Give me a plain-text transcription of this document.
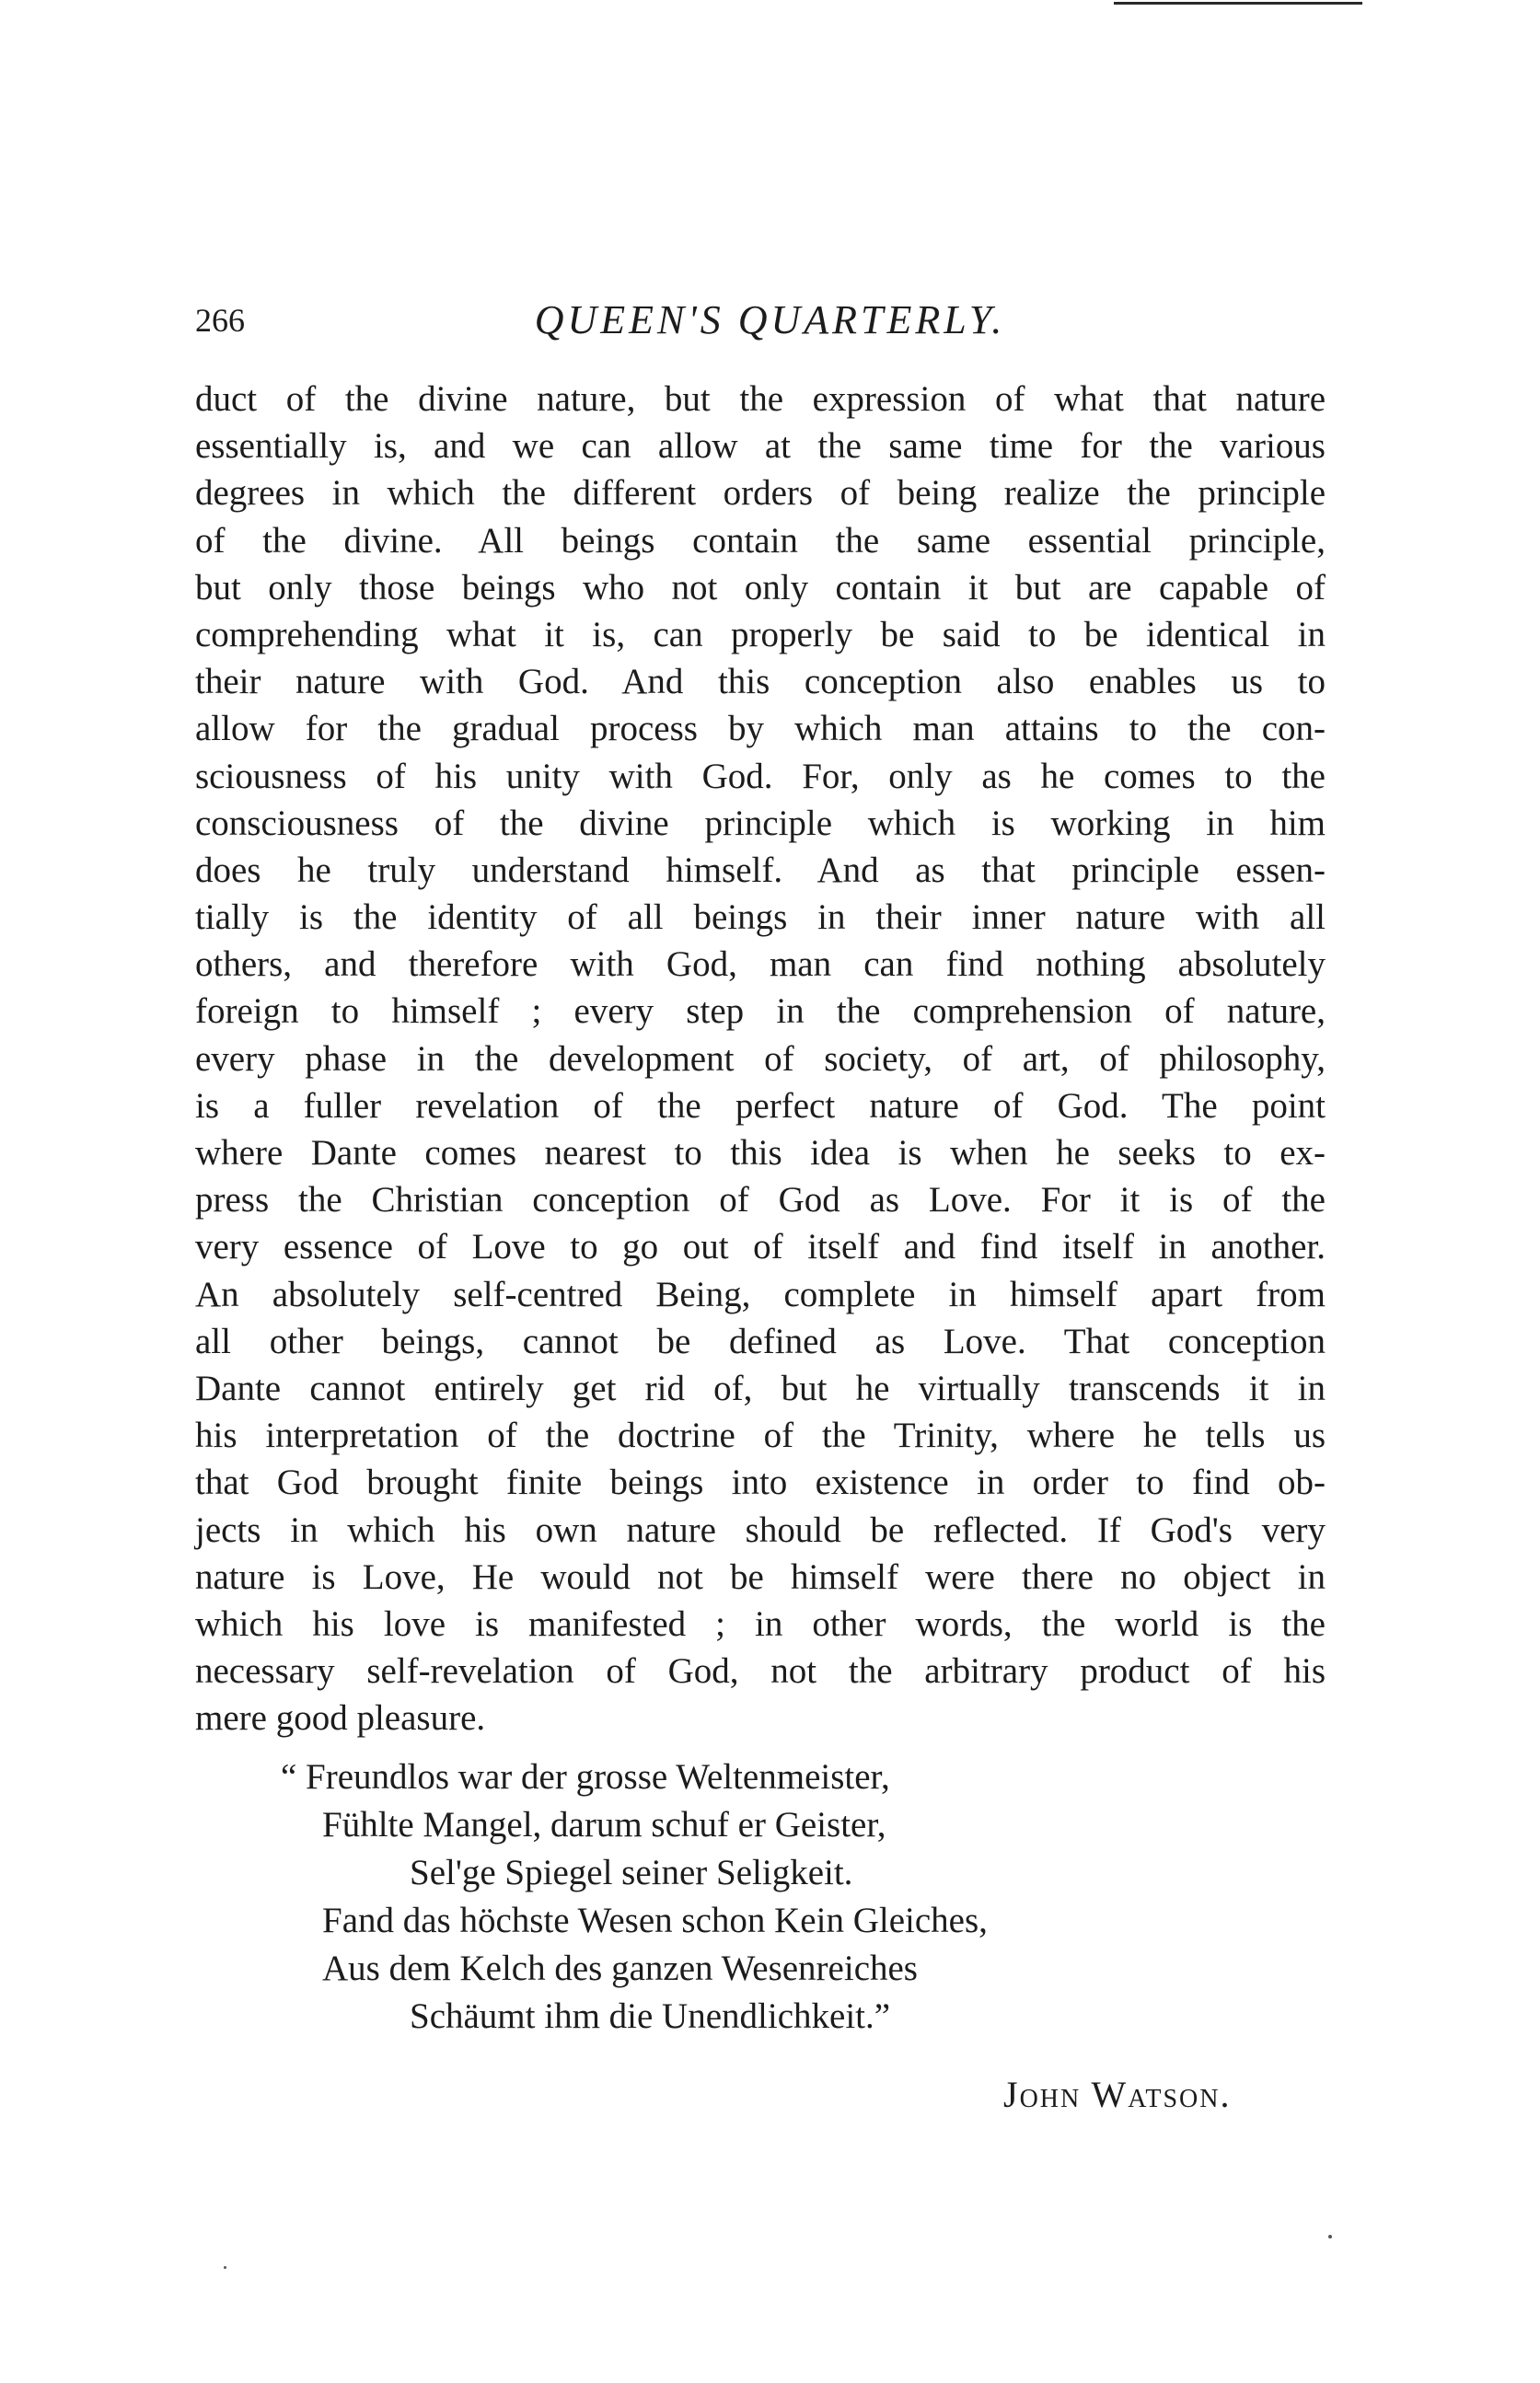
266	QUEEN'S QUARTERLY.
duct of the divine nature, but the expression of what that nature
essentially is, and we can allow at the same time for the various
degrees in which the different orders of being realize the principle
of the divine. All beings contain the same essential principle,
but only those beings who not only contain it but are capable of
comprehending what it is, can properly be said to be identical in
their nature with God. And this conception also enables us to
allow for the gradual process by which man attains to the con-
sciousness of his unity with God. For, only as he comes to the
consciousness of the divine principle which is working in him
does he truly understand himself. And as that principle essen-
tially is the identity of all beings in their inner nature with all
others, and therefore with God, man can find nothing absolutely
foreign to himself ; every step in the comprehension of nature,
every phase in the development of society, of art, of philosophy,
is a fuller revelation of the perfect nature of God. The point
where Dante comes nearest to this idea is when he seeks to ex-
press the Christian conception of God as Love. For it is of the
very essence of Love to go out of itself and find itself in another.
An absolutely self-centred Being, complete in himself apart from
all other beings, cannot be defined as Love. That conception
Dante cannot entirely get rid of, but he virtually transcends it in
his interpretation of the doctrine of the Trinity, where he tells us
that God brought finite beings into existence in order to find ob-
jects in which his own nature should be reflected. If God's very
nature is Love, He would not be himself were there no object in
which his love is manifested ; in other words, the world is the
necessary self-revelation of God, not the arbitrary product of his
mere good pleasure.
“ Freundlos war der grosse Weltenmeister,
Fühlte Mangel, darum schuf er Geister,
Sel'ge Spiegel seiner Seligkeit.
Fand das höchste Wesen schon Kein Gleiches,
Aus dem Kelch des ganzen Wesenreiches
Schäumt ihm die Unendlichkeit.”
John Watson.
